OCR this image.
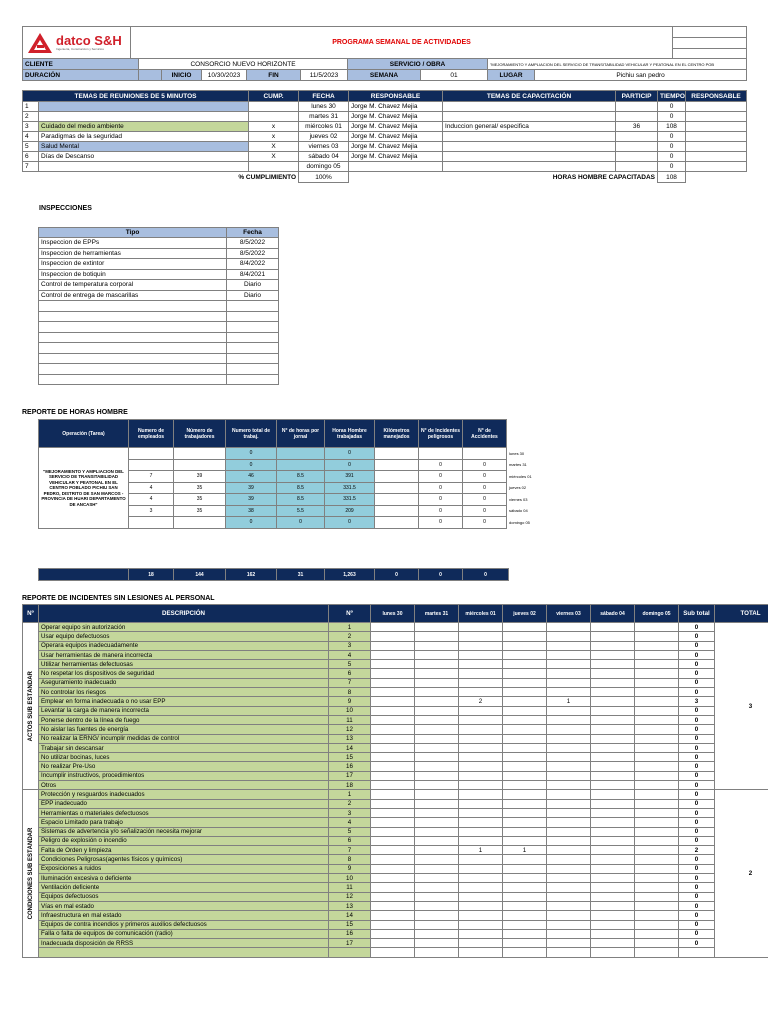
datco S&H
Ingeniería, Construcción y Servicios
	PROGRAMA SEMANAL DE ACTIVIDADES	
CLIENTE	CONSORCIO NUEVO HORIZONTE					SERVICIO / OBRA		"MEJORAMIENTO Y AMPLIACION DEL SERVICIO DE TRANSITABILIDAD VEHICULAR Y PEATONAL EN EL CENTRO POB	
DURACIÓN		INICIO	10/30/2023	FIN	11/5/2023	SEMANA	01	LUGAR	Pichiu san pedro
TEMAS DE REUNIONES DE 5 MINUTOS		CUMP.	FECHA	RESPONSABLE	TEMAS DE CAPACITACIÓN	PARTICIP	TIEMPO	RESPONSABLE
1			lunes 30	Jorge M. Chavez Mejia			0	
2			martes 31	Jorge M. Chavez Mejia			0	
3	Cuidado del medio ambiente	x	miércoles 01	Jorge M. Chavez Mejia	Induccion general/ especifica	36	108	
4	Paradigmas de la seguridad	x	jueves 02	Jorge M. Chavez Mejia			0	
5	Salud Mental	X	viernes 03	Jorge M. Chavez Mejia			0	
6	Días de Descanso	X	sábado 04	Jorge M. Chavez Mejia			0	
7			domingo 05				0	
% CUMPLIMIENTO			100%		HORAS HOMBRE CAPACITADAS		108	
INSPECCIONES
Tipo	Fecha
Inspeccion de EPPs	8/5/2022
Inspeccion de herramientas	8/5/2022
Inspeccion de extintor	8/4/2022
Inspeccion de botiquin	8/4/2021
Control de temperatura corporal	Diario
Control de entrega de mascarillas	Diario

REPORTE DE HORAS HOMBRE
Operación (Tarea)	Numero de empleados	Número de trabajadores	Numero total de trabaj.	N° de horas por jornal	Horas Hombre trabajadas	Kilómetros manejados	N° de Incidentes peligrosos	N° de Accidentes	
"MEJORAMIENTO Y AMPLIACION DEL SERVICIO DE TRANSITABILIDAD VEHICULAR Y PEATONAL EN EL CENTRO POBLADO PICHIU SAN PEDRO, DISTRITO DE SAN MARCOS - PROVINCIA DE HUARI DEPARTAMENTO DE ANCASH"			0		0				lunes 30
			0		0		0	0	martes 31
	7	39	46	8.5	391		0	0	miércoles 01
	4	35	39	8.5	331.5		0	0	jueves 02
	4	35	39	8.5	331.5		0	0	viernes 03
	3	35	38	5.5	209		0	0	sábado 04
			0	0	0		0	0	domingo 05
	18	144	162	31	1,263	0	0	0
REPORTE DE INCIDENTES SIN LESIONES AL PERSONAL
Nº	DESCRIPCIÓN	Nº	lunes 30	martes 31	miércoles 01	jueves 02	viernes 03	sábado 04	domingo 05	Sub total	TOTAL
ACTOS SUB ESTÁNDAR	Operar equipo sin autorización	1								0	3
	Usar equipo defectuosos	2								0	
	Operara equipos inadecuadamente	3								0	
	Usar herramientas de manera incorrecta	4								0	
	Utilizar herramientas defectuosas	5								0	
	No respetar los dispositivos de seguridad	6								0	
	Aseguramiento inadecuado	7								0	
	No controlar los riesgos	8								0	
	Emplear en forma inadecuada o no usar EPP	9			2		1			3	
	Levantar la carga de manera incorrecta	10								0	
	Ponerse dentro de la línea de fuego	11								0	
	No aislar las fuentes de energía	12								0	
	No realizar la ERNG/ incumplir medidas de control	13								0	
	Trabajar sin descansar	14								0	
	No utilizar bocinas, luces	15								0	
	No realizar Pre-Uso	16								0	
	Incumplir instructivos, procedimientos	17								0	
	Otros	18								0	
CONDICIONES SUB ESTÁNDAR	Protección y resguardos inadecuados	1								0	2
	EPP inadecuado	2								0	
	Herramientas o materiales defectuosos	3								0	
	Espacio Limitado para trabajo	4								0	
	Sistemas de advertencia y/o señalización necesita mejorar	5								0	
	Peligro de explosión o incendio	6								0	
	Falta de Orden y limpieza	7			1	1				2	
	Condiciones Peligrosas(agentes físicos y químicos)	8								0	
	Exposiciones a ruidos	9								0	
	Iluminación excesiva o deficiente	10								0	
	Ventilación deficiente	11								0	
	Equipos defectuosos	12								0	
	Vías en mal estado	13								0	
	Infraestructura en mal estado	14								0	
	Equipos de contra incendios y primeros auxilios defectuosos	15								0	
	Falla o falta de equipos de comunicación (radio)	16								0	
	Inadecuada disposición de RRSS	17								0	
